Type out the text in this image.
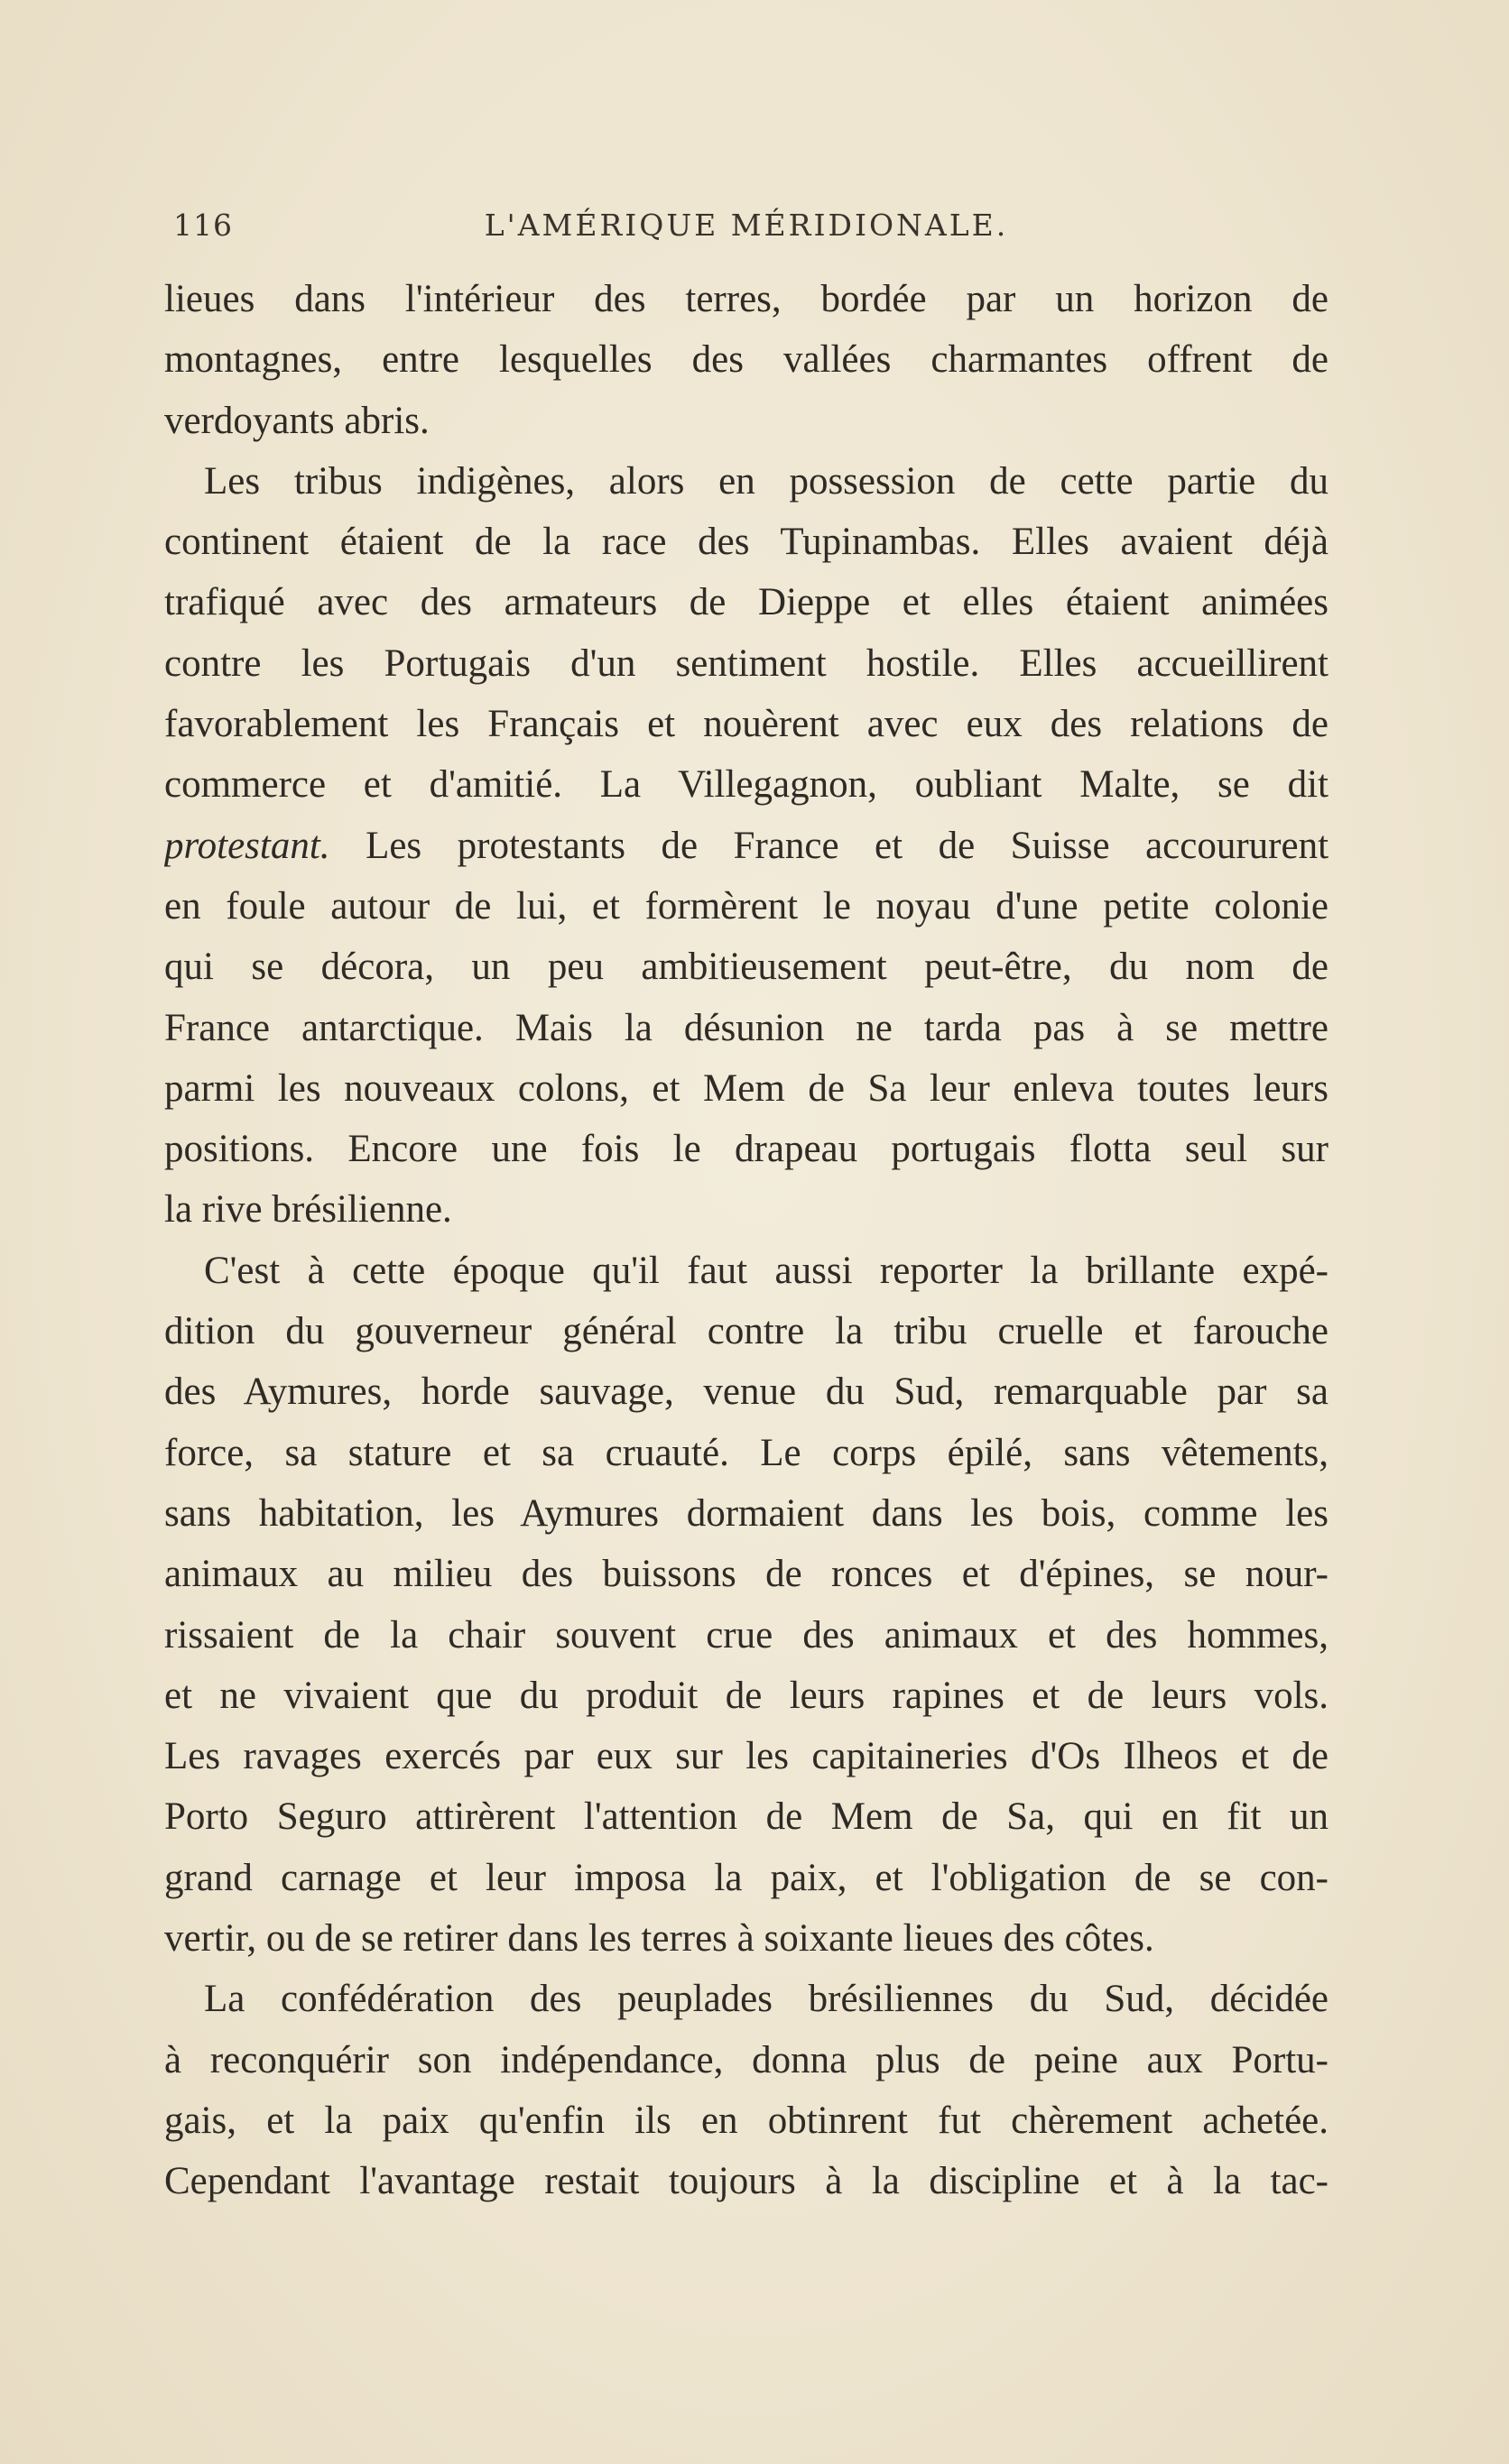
116	L'AMÉRIQUE MÉRIDIONALE.
lieues dans l'intérieur des terres, bordée par un horizon de
montagnes, entre lesquelles des vallées charmantes offrent de
verdoyants abris.
Les tribus indigènes, alors en possession de cette partie du
continent étaient de la race des Tupinambas. Elles avaient déjà
trafiqué avec des armateurs de Dieppe et elles étaient animées
contre les Portugais d'un sentiment hostile. Elles accueillirent
favorablement les Français et nouèrent avec eux des relations de
commerce et d'amitié. La Villegagnon, oubliant Malte, se dit
protestant. Les protestants de France et de Suisse accoururent
en foule autour de lui, et formèrent le noyau d'une petite colonie
qui se décora, un peu ambitieusement peut-être, du nom de
France antarctique. Mais la désunion ne tarda pas à se mettre
parmi les nouveaux colons, et Mem de Sa leur enleva toutes leurs
positions. Encore une fois le drapeau portugais flotta seul sur
la rive brésilienne.
C'est à cette époque qu'il faut aussi reporter la brillante expé-
dition du gouverneur général contre la tribu cruelle et farouche
des Aymures, horde sauvage, venue du Sud, remarquable par sa
force, sa stature et sa cruauté. Le corps épilé, sans vêtements,
sans habitation, les Aymures dormaient dans les bois, comme les
animaux au milieu des buissons de ronces et d'épines, se nour-
rissaient de la chair souvent crue des animaux et des hommes,
et ne vivaient que du produit de leurs rapines et de leurs vols.
Les ravages exercés par eux sur les capitaineries d'Os Ilheos et de
Porto Seguro attirèrent l'attention de Mem de Sa, qui en fit un
grand carnage et leur imposa la paix, et l'obligation de se con-
vertir, ou de se retirer dans les terres à soixante lieues des côtes.
La confédération des peuplades brésiliennes du Sud, décidée
à reconquérir son indépendance, donna plus de peine aux Portu-
gais, et la paix qu'enfin ils en obtinrent fut chèrement achetée.
Cependant l'avantage restait toujours à la discipline et à la tac-
